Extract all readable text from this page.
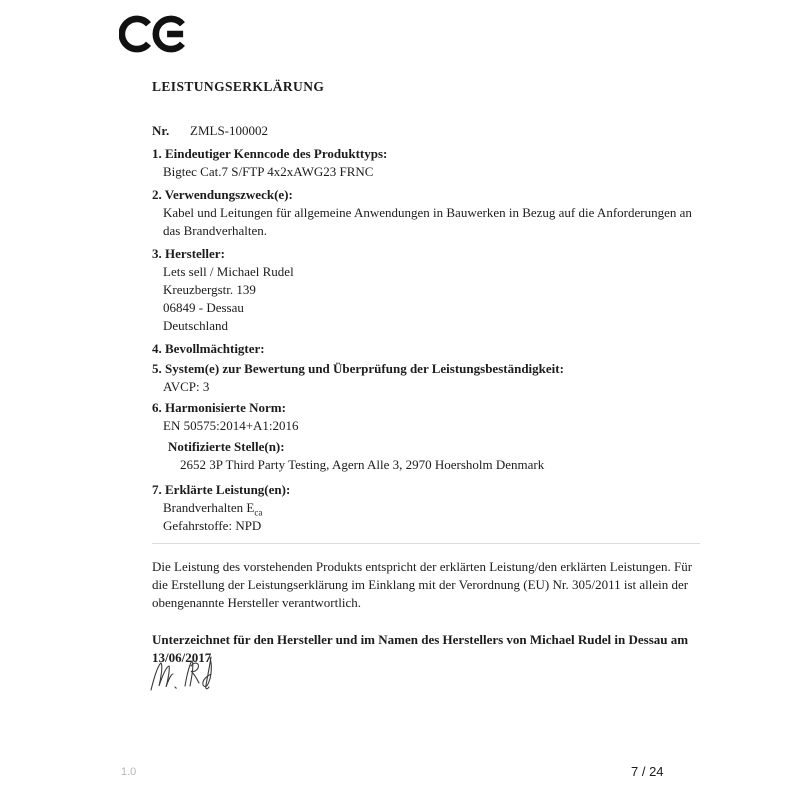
LEISTUNGSERKLÄRUNG
Nr. ZMLS-100002
1. Eindeutiger Kenncode des Produkttyps:
Bigtec Cat.7 S/FTP 4x2xAWG23 FRNC
2. Verwendungszweck(e):
Kabel und Leitungen für allgemeine Anwendungen in Bauwerken in Bezug auf die Anforderungen an
das Brandverhalten.
3. Hersteller:
Lets sell / Michael Rudel
Kreuzbergstr. 139
06849 - Dessau
Deutschland
4. Bevollmächtigter:
5. System(e) zur Bewertung und Überprüfung der Leistungsbeständigkeit:
AVCP: 3
6. Harmonisierte Norm:
EN 50575:2014+A1:2016
Notifizierte Stelle(n):
2652 3P Third Party Testing, Agern Alle 3, 2970 Hoersholm Denmark
7. Erklärte Leistung(en):
Brandverhalten $E_{ca}$
Gefahrstoffe: NPD
Die Leistung des vorstehenden Produkts entspricht der erklärten Leistung/den erklärten Leistungen. Für
die Erstellung der Leistungserklärung im Einklang mit der Verordnung (EU) Nr. 305/2011 ist allein der
obengenannte Hersteller verantwortlich.
Unterzeichnet für den Hersteller und im Namen des Herstellers von Michael Rudel in Dessau am
13/06/2017
1.0	7 / 24
